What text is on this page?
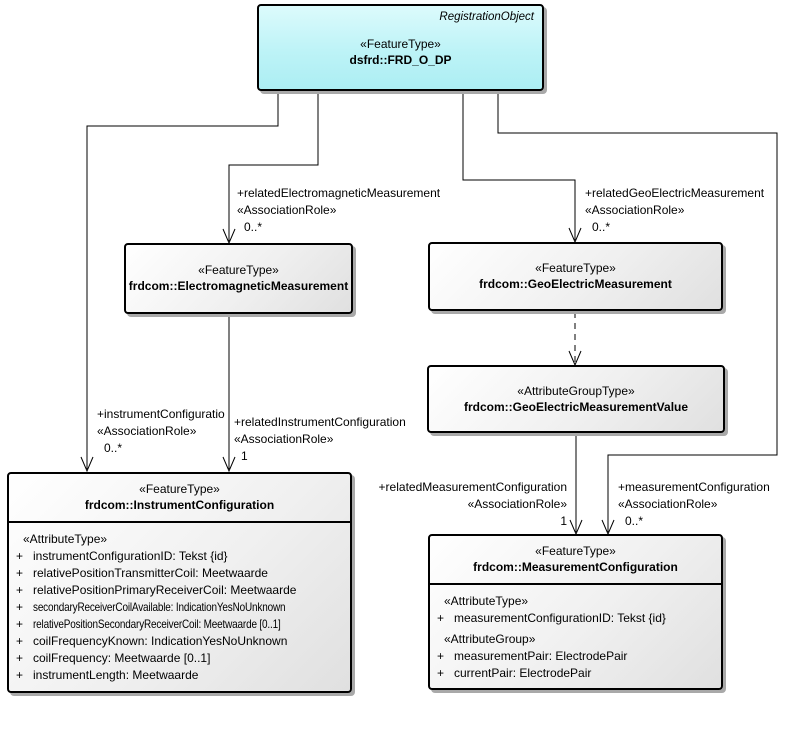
RegistrationObject
«FeatureType»
dsfrd::FRD_O_DP
«FeatureType»
frdcom::ElectromagneticMeasurement
«FeatureType»
frdcom::GeoElectricMeasurement
«AttributeGroupType»
frdcom::GeoElectricMeasurementValue
«FeatureType»
frdcom::InstrumentConfiguration
«AttributeType»
+ instrumentConfigurationID: Tekst {id}
+ relativePositionTransmitterCoil: Meetwaarde
+ relativePositionPrimaryReceiverCoil: Meetwaarde
+ secondaryReceiverCoilAvailable: IndicationYesNoUnknown
+ relativePositionSecondaryReceiverCoil: Meetwaarde [0..1]
+ coilFrequencyKnown: IndicationYesNoUnknown
+ coilFrequency: Meetwaarde [0..1]
+ instrumentLength: Meetwaarde
«FeatureType»
frdcom::MeasurementConfiguration
«AttributeType»
+ measurementConfigurationID: Tekst {id}
«AttributeGroup»
+ measurementPair: ElectrodePair
+ currentPair: ElectrodePair
+relatedElectromagneticMeasurement
«AssociationRole»
0..*
+relatedGeoElectricMeasurement
«AssociationRole»
0..*
+instrumentConfiguratio
«AssociationRole»
0..*
+relatedInstrumentConfiguration
«AssociationRole»
1
+relatedMeasurementConfiguration
«AssociationRole»
1
+measurementConfiguration
«AssociationRole»
0..*
